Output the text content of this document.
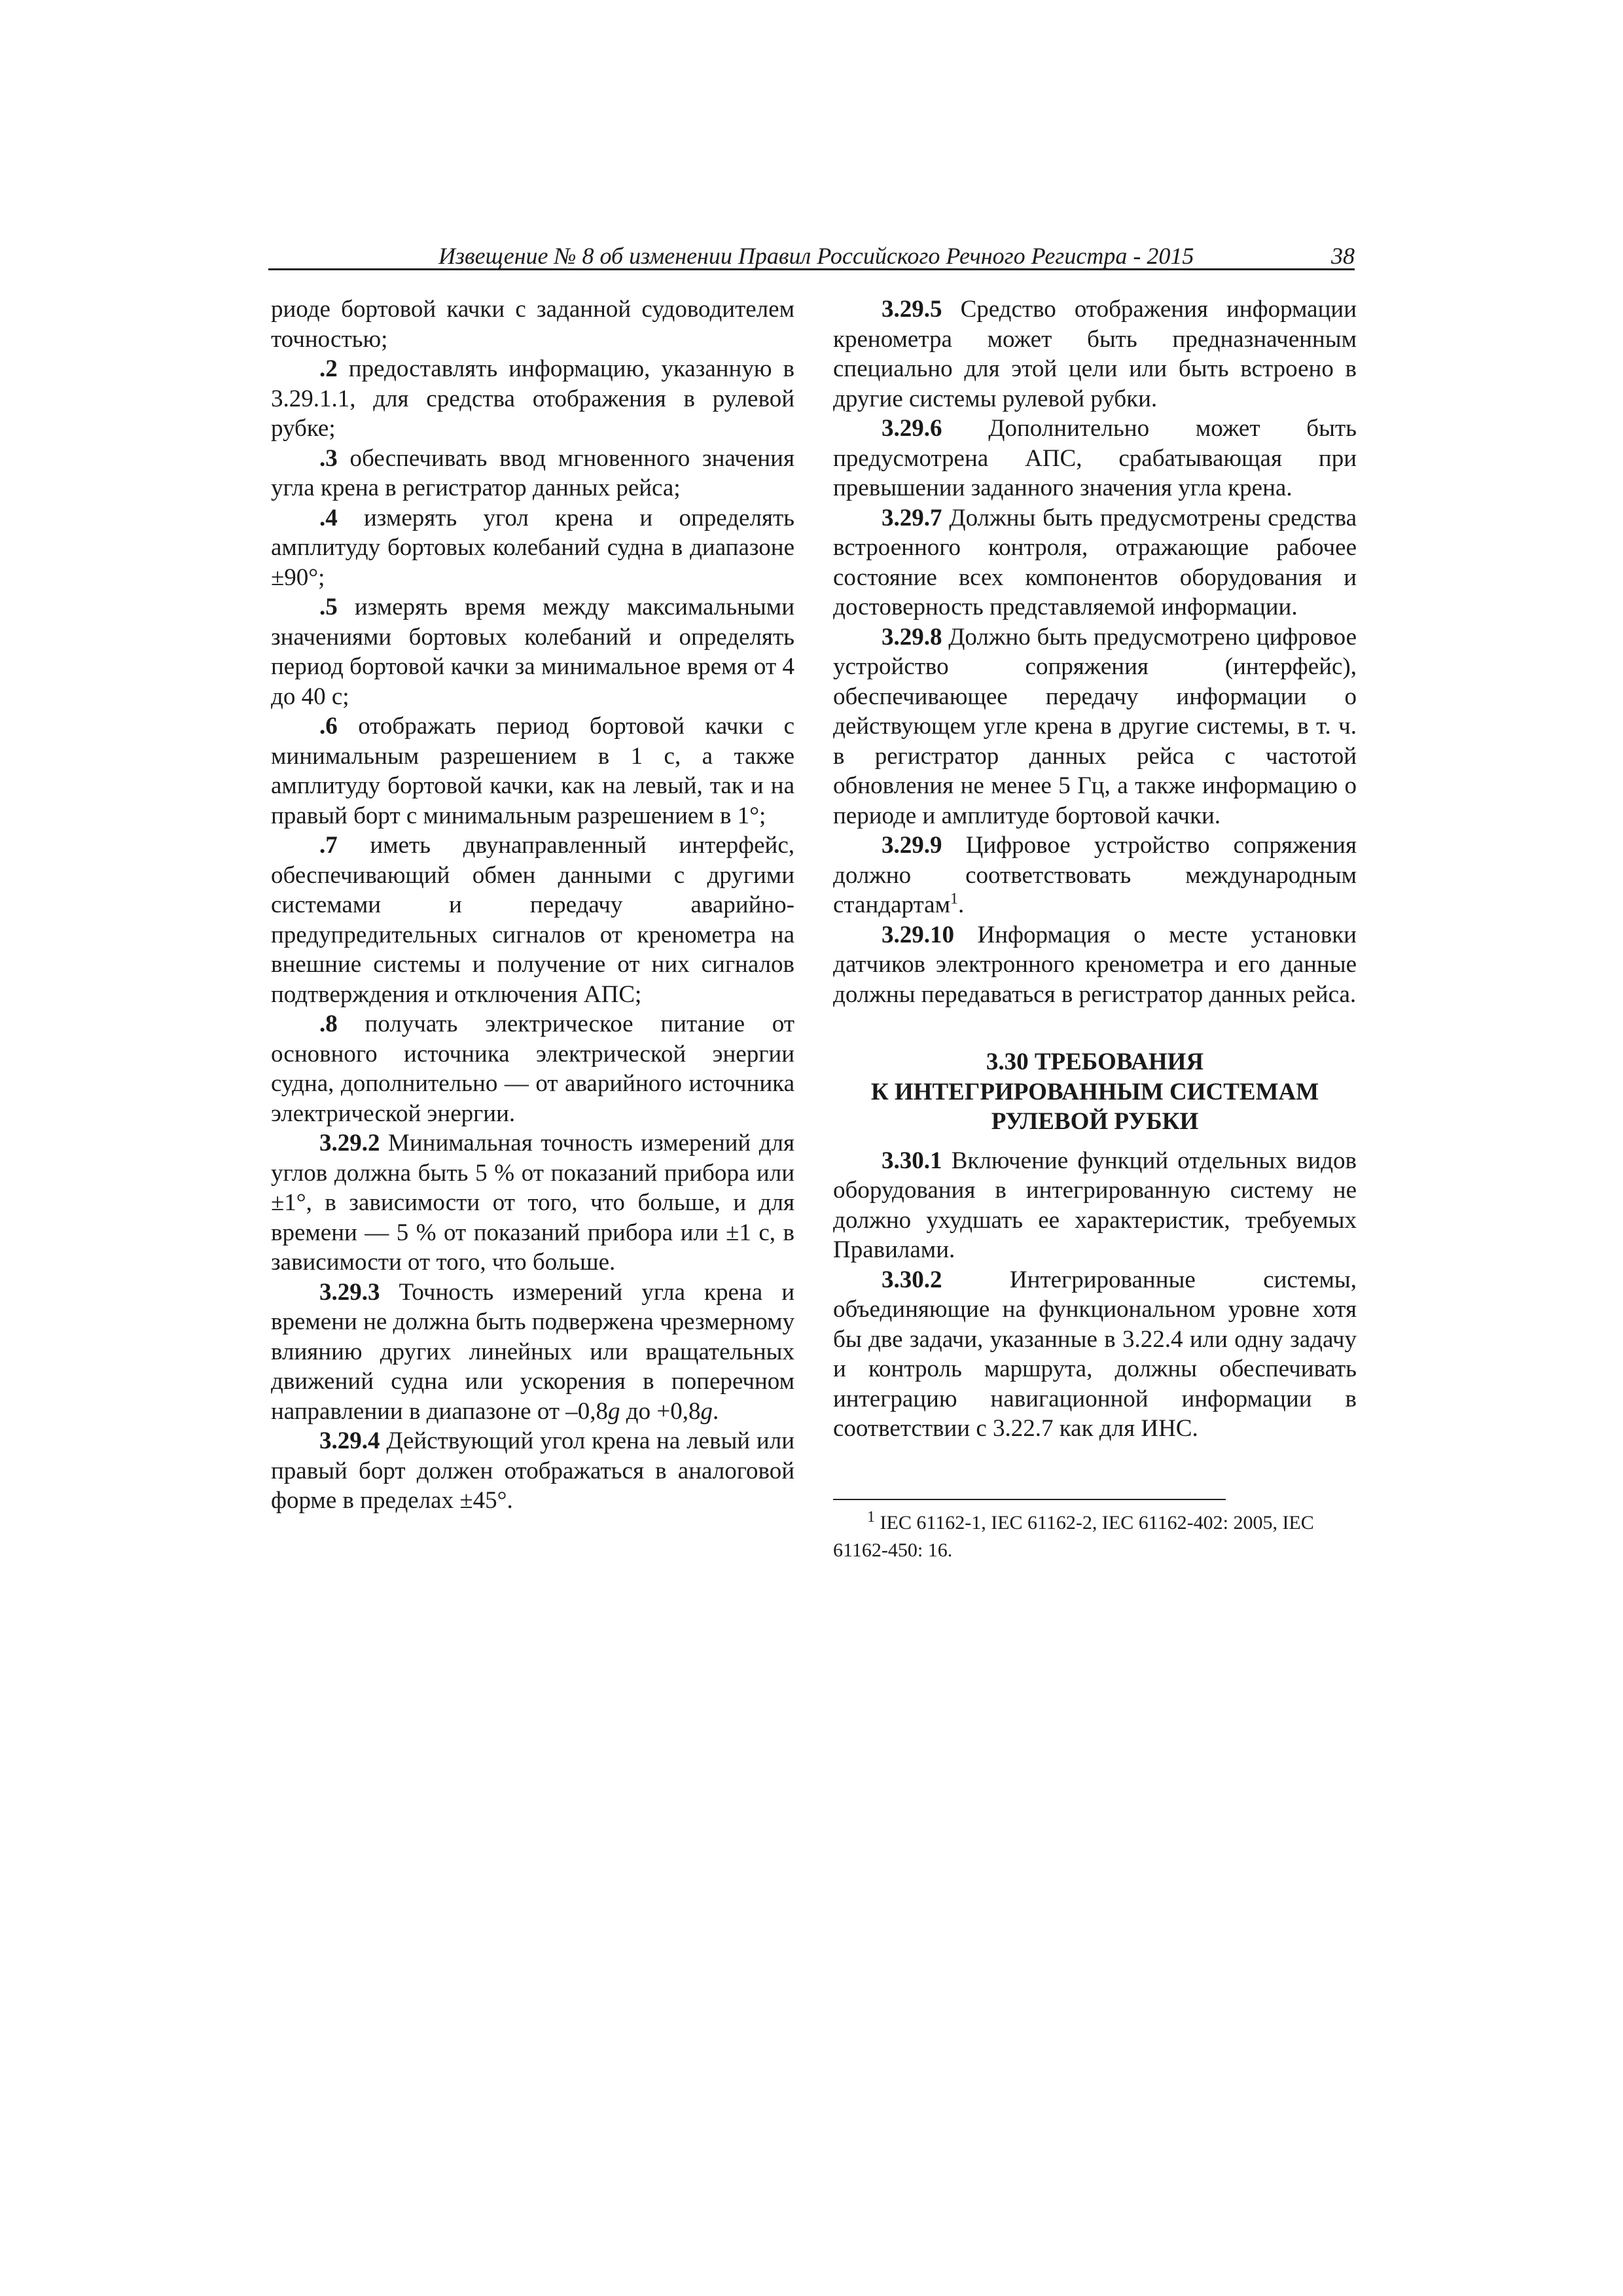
Извещение № 8 об изменении Правил Российского Речного Регистра - 2015	38

риоде бортовой качки с заданной судоводителем точностью;

.2 предоставлять информацию, указанную в 3.29.1.1, для средства отображения в рулевой рубке;

.3 обеспечивать ввод мгновенного значения угла крена в регистратор данных рейса;

.4 измерять угол крена и определять амплитуду бортовых колебаний судна в диапазоне ±90°;

.5 измерять время между максимальными значениями бортовых колебаний и определять период бортовой качки за минимальное время от 4 до 40 с;

.6 отображать период бортовой качки с минимальным разрешением в 1 с, а также амплитуду бортовой качки, как на левый, так и на правый борт с минимальным разрешением в 1°;

.7 иметь двунаправленный интерфейс, обеспечивающий обмен данными с другими системами и передачу аварийно-предупредительных сигналов от кренометра на внешние системы и получение от них сигналов подтверждения и отключения АПС;

.8 получать электрическое питание от основного источника электрической энергии судна, дополнительно — от аварийного источника электрической энергии.

3.29.2 Минимальная точность измерений для углов должна быть 5 % от показаний прибора или ±1°, в зависимости от того, что больше, и для времени — 5 % от показаний прибора или ±1 с, в зависимости от того, что больше.

3.29.3 Точность измерений угла крена и времени не должна быть подвержена чрезмерному влиянию других линейных или вращательных движений судна или ускорения в поперечном направлении в диапазоне от –0,8g до +0,8g.

3.29.4 Действующий угол крена на левый или правый борт должен отображаться в аналоговой форме в пределах ±45°.

3.29.5 Средство отображения информации кренометра может быть предназначенным специально для этой цели или быть встроено в другие системы рулевой рубки.

3.29.6 Дополнительно может быть предусмотрена АПС, срабатывающая при превышении заданного значения угла крена.

3.29.7 Должны быть предусмотрены средства встроенного контроля, отражающие рабочее состояние всех компонентов оборудования и достоверность представляемой информации.

3.29.8 Должно быть предусмотрено цифровое устройство сопряжения (интерфейс), обеспечивающее передачу информации о действующем угле крена в другие системы, в т. ч. в регистратор данных рейса с частотой обновления не менее 5 Гц, а также информацию о периоде и амплитуде бортовой качки.

3.29.9 Цифровое устройство сопряжения должно соответствовать международным стандартам$^1$.

3.29.10 Информация о месте установки датчиков электронного кренометра и его данные должны передаваться в регистратор данных рейса.

3.30 ТРЕБОВАНИЯ
К ИНТЕГРИРОВАННЫМ СИСТЕМАМ
РУЛЕВОЙ РУБКИ

3.30.1 Включение функций отдельных видов оборудования в интегрированную систему не должно ухудшать ее характеристик, требуемых Правилами.

3.30.2 Интегрированные системы, объединяющие на функциональном уровне хотя бы две задачи, указанные в 3.22.4 или одну задачу и контроль маршрута, должны обеспечивать интеграцию навигационной информации в соответствии с 3.22.7 как для ИНС.

$^1$ IEC 61162-1, IEC 61162-2, IEC 61162-402: 2005, IEC 61162-450: 16.
